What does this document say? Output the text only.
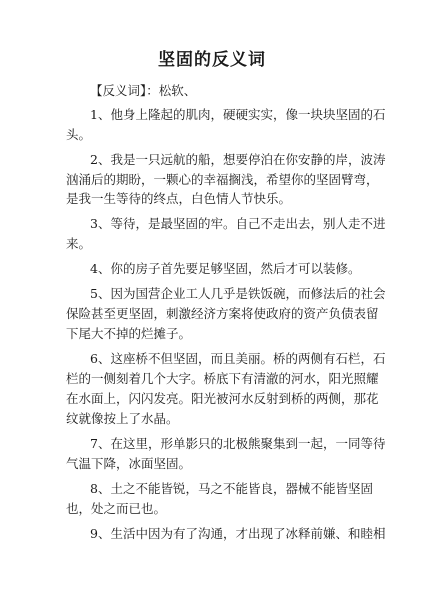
坚固的反义词
【反义词】：松软、
1、他身上隆起的肌肉，硬硬实实，像一块块坚固的石
头。
2、我是一只远航的船，想要停泊在你安静的岸，波涛
汹涌后的期盼，一颗心的幸福搁浅，希望你的坚固臂弯，
是我一生等待的终点，白色情人节快乐。
3、等待，是最坚固的牢。自己不走出去，别人走不进
来。
4、你的房子首先要足够坚固，然后才可以装修。
5、因为国营企业工人几乎是铁饭碗，而修法后的社会
保险甚至更坚固，刺激经济方案将使政府的资产负债表留
下尾大不掉的烂摊子。
6、这座桥不但坚固，而且美丽。桥的两侧有石栏，石
栏的一侧刻着几个大字。桥底下有清澈的河水，阳光照耀
在水面上，闪闪发亮。阳光被河水反射到桥的两侧，那花
纹就像按上了水晶。
7、在这里，形单影只的北极熊聚集到一起，一同等待
气温下降，冰面坚固。
8、土之不能皆锐，马之不能皆良，器械不能皆坚固
也，处之而已也。
9、生活中因为有了沟通，才出现了冰释前嫌、和睦相
